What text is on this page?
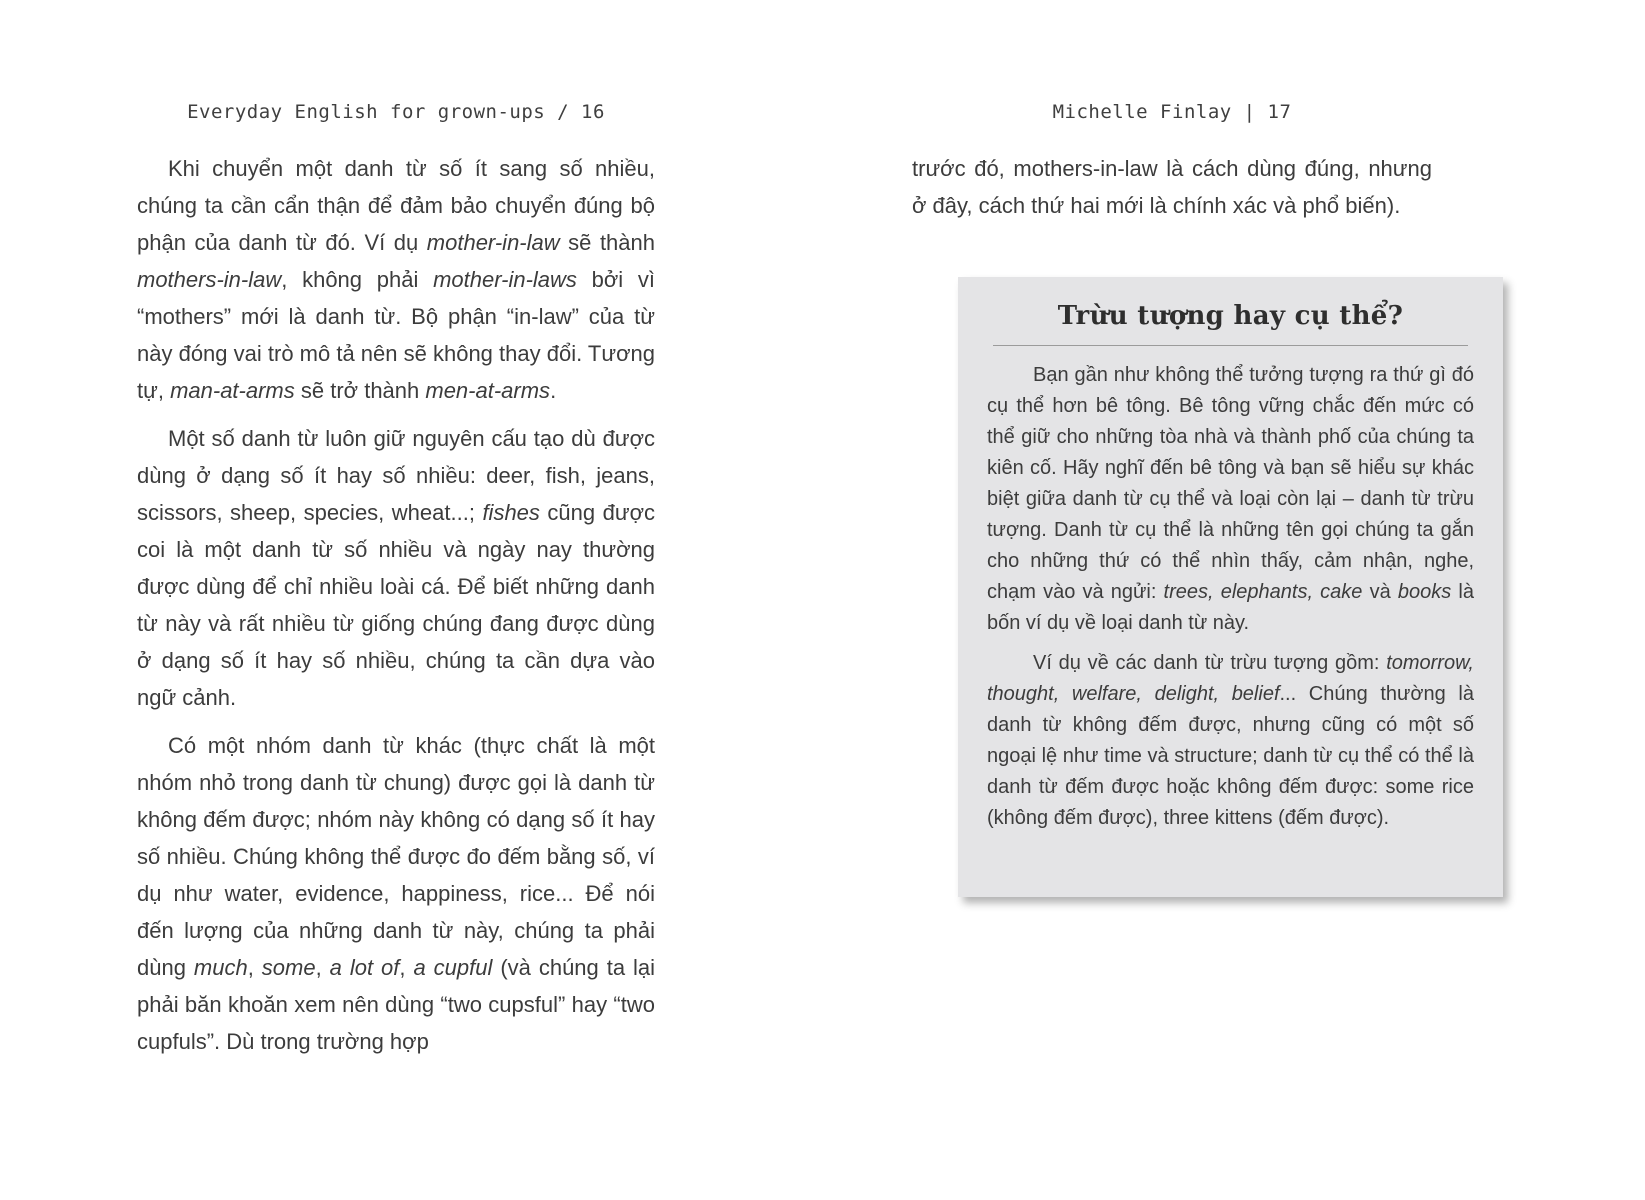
Everyday English for grown-ups / 16

Khi chuyển một danh từ số ít sang số nhiều, chúng ta cần cẩn thận để đảm bảo chuyển đúng bộ phận của danh từ đó. Ví dụ mother-in-law sẽ thành mothers-in-law, không phải mother-in-laws bởi vì “mothers” mới là danh từ. Bộ phận “in-law” của từ này đóng vai trò mô tả nên sẽ không thay đổi. Tương tự, man-at-arms sẽ trở thành men-at-arms.

Một số danh từ luôn giữ nguyên cấu tạo dù được dùng ở dạng số ít hay số nhiều: deer, fish, jeans, scissors, sheep, species, wheat...; fishes cũng được coi là một danh từ số nhiều và ngày nay thường được dùng để chỉ nhiều loài cá. Để biết những danh từ này và rất nhiều từ giống chúng đang được dùng ở dạng số ít hay số nhiều, chúng ta cần dựa vào ngữ cảnh.

Có một nhóm danh từ khác (thực chất là một nhóm nhỏ trong danh từ chung) được gọi là danh từ không đếm được; nhóm này không có dạng số ít hay số nhiều. Chúng không thể được đo đếm bằng số, ví dụ như water, evidence, happiness, rice... Để nói đến lượng của những danh từ này, chúng ta phải dùng much, some, a lot of, a cupful (và chúng ta lại phải băn khoăn xem nên dùng “two cupsful” hay “two cupfuls”. Dù trong trường hợp

Michelle Finlay | 17

trước đó, mothers-in-law là cách dùng đúng, nhưng ở đây, cách thứ hai mới là chính xác và phổ biến).

Trừu tượng hay cụ thể?

Bạn gần như không thể tưởng tượng ra thứ gì đó cụ thể hơn bê tông. Bê tông vững chắc đến mức có thể giữ cho những tòa nhà và thành phố của chúng ta kiên cố. Hãy nghĩ đến bê tông và bạn sẽ hiểu sự khác biệt giữa danh từ cụ thể và loại còn lại – danh từ trừu tượng. Danh từ cụ thể là những tên gọi chúng ta gắn cho những thứ có thể nhìn thấy, cảm nhận, nghe, chạm vào và ngửi: trees, elephants, cake và books là bốn ví dụ về loại danh từ này.

Ví dụ về các danh từ trừu tượng gồm: tomorrow, thought, welfare, delight, belief... Chúng thường là danh từ không đếm được, nhưng cũng có một số ngoại lệ như time và structure; danh từ cụ thể có thể là danh từ đếm được hoặc không đếm được: some rice (không đếm được), three kittens (đếm được).
